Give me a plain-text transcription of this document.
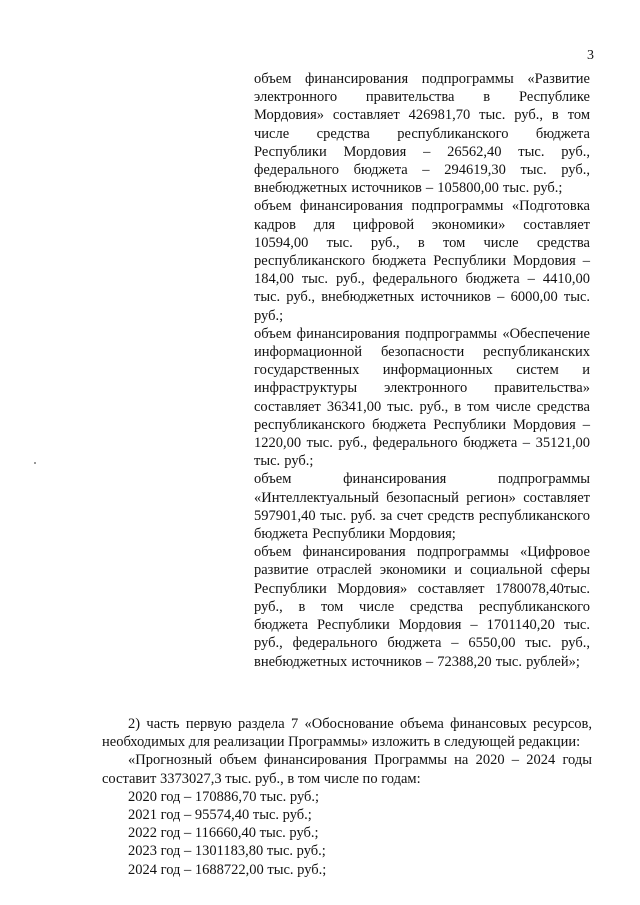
3

объем финансирования подпрограммы «Развитие электронного правительства в Республике Мордовия» составляет 426981,70 тыс. руб., в том числе средства республиканского бюджета Республики Мордовия – 26562,40 тыс. руб., федерального бюджета – 294619,30 тыс. руб., внебюджетных источников – 105800,00 тыс. руб.;

объем финансирования подпрограммы «Подготовка кадров для цифровой экономики» составляет 10594,00 тыс. руб., в том числе средства республиканского бюджета Республики Мордовия – 184,00 тыс. руб., федерального бюджета – 4410,00 тыс. руб., внебюджетных источников – 6000,00 тыс. руб.;

объем финансирования подпрограммы «Обеспечение информационной безопасности республиканских государственных информационных систем и инфраструктуры электронного правительства» составляет 36341,00 тыс. руб., в том числе средства республиканского бюджета Республики Мордовия – 1220,00 тыс. руб., федерального бюджета – 35121,00 тыс. руб.;

объем финансирования подпрограммы «Интеллектуальный безопасный регион» составляет 597901,40 тыс. руб. за счет средств республиканского бюджета Республики Мордовия;

объем финансирования подпрограммы «Цифровое развитие отраслей экономики и социальной сферы Республики Мордовия» составляет 1780078,40тыс. руб., в том числе средства республиканского бюджета Республики Мордовия – 1701140,20 тыс. руб., федерального бюджета – 6550,00 тыс. руб., внебюджетных источников – 72388,20 тыс. рублей»;

2) часть первую раздела 7 «Обоснование объема финансовых ресурсов, необходимых для реализации Программы» изложить в следующей редакции:

«Прогнозный объем финансирования Программы на 2020 – 2024 годы составит 3373027,3 тыс. руб., в том числе по годам:

2020 год – 170886,70 тыс. руб.;
2021 год – 95574,40 тыс. руб.;
2022 год – 116660,40 тыс. руб.;
2023 год – 1301183,80 тыс. руб.;
2024 год – 1688722,00 тыс. руб.;
